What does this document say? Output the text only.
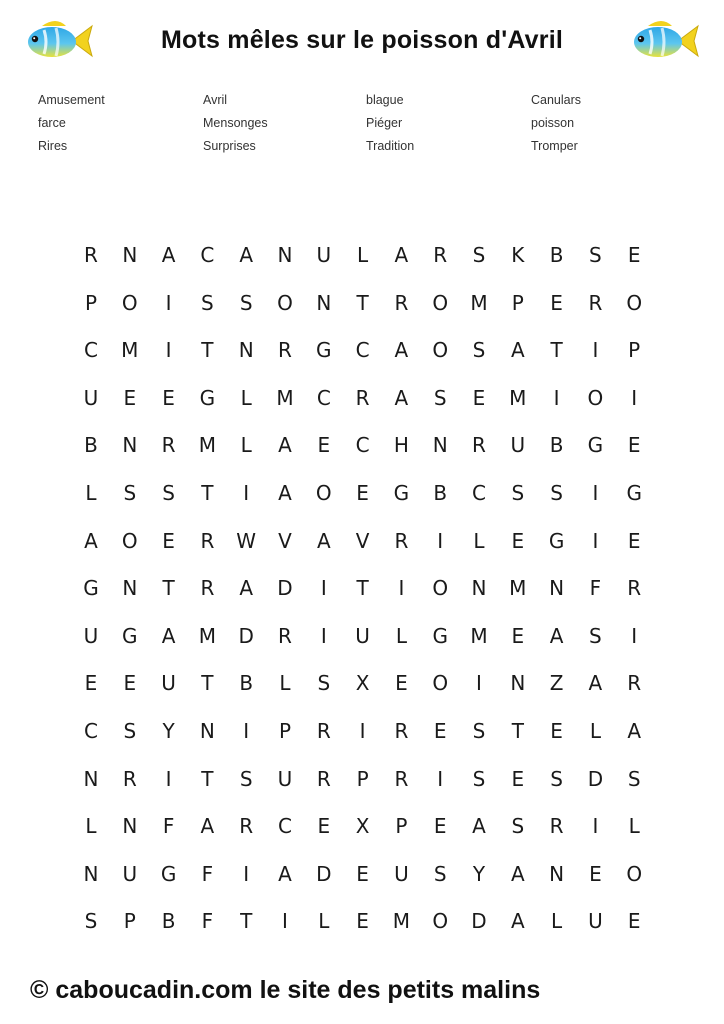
Mots mêles sur le poisson d'Avril
Amusement	Avril	blague	Canulars
farce	Mensonges	Piéger	poisson
Rires	Surprises	Tradition	Tromper
R	N	A	C	A	N	U	L	A	R	S	K	B	S	E
P	O	I	S	S	O	N	T	R	O	M	P	E	R	O
C	M	I	T	N	R	G	C	A	O	S	A	T	I	P
U	E	E	G	L	M	C	R	A	S	E	M	I	O	I
B	N	R	M	L	A	E	C	H	N	R	U	B	G	E
L	S	S	T	I	A	O	E	G	B	C	S	S	I	G
A	O	E	R	W	V	A	V	R	I	L	E	G	I	E
G	N	T	R	A	D	I	T	I	O	N	M	N	F	R
U	G	A	M	D	R	I	U	L	G	M	E	A	S	I
E	E	U	T	B	L	S	X	E	O	I	N	Z	A	R
C	S	Y	N	I	P	R	I	R	E	S	T	E	L	A
N	R	I	T	S	U	R	P	R	I	S	E	S	D	S
L	N	F	A	R	C	E	X	P	E	A	S	R	I	L
N	U	G	F	I	A	D	E	U	S	Y	A	N	E	O
S	P	B	F	T	I	L	E	M	O	D	A	L	U	E
© caboucadin.com le site des petits malins
